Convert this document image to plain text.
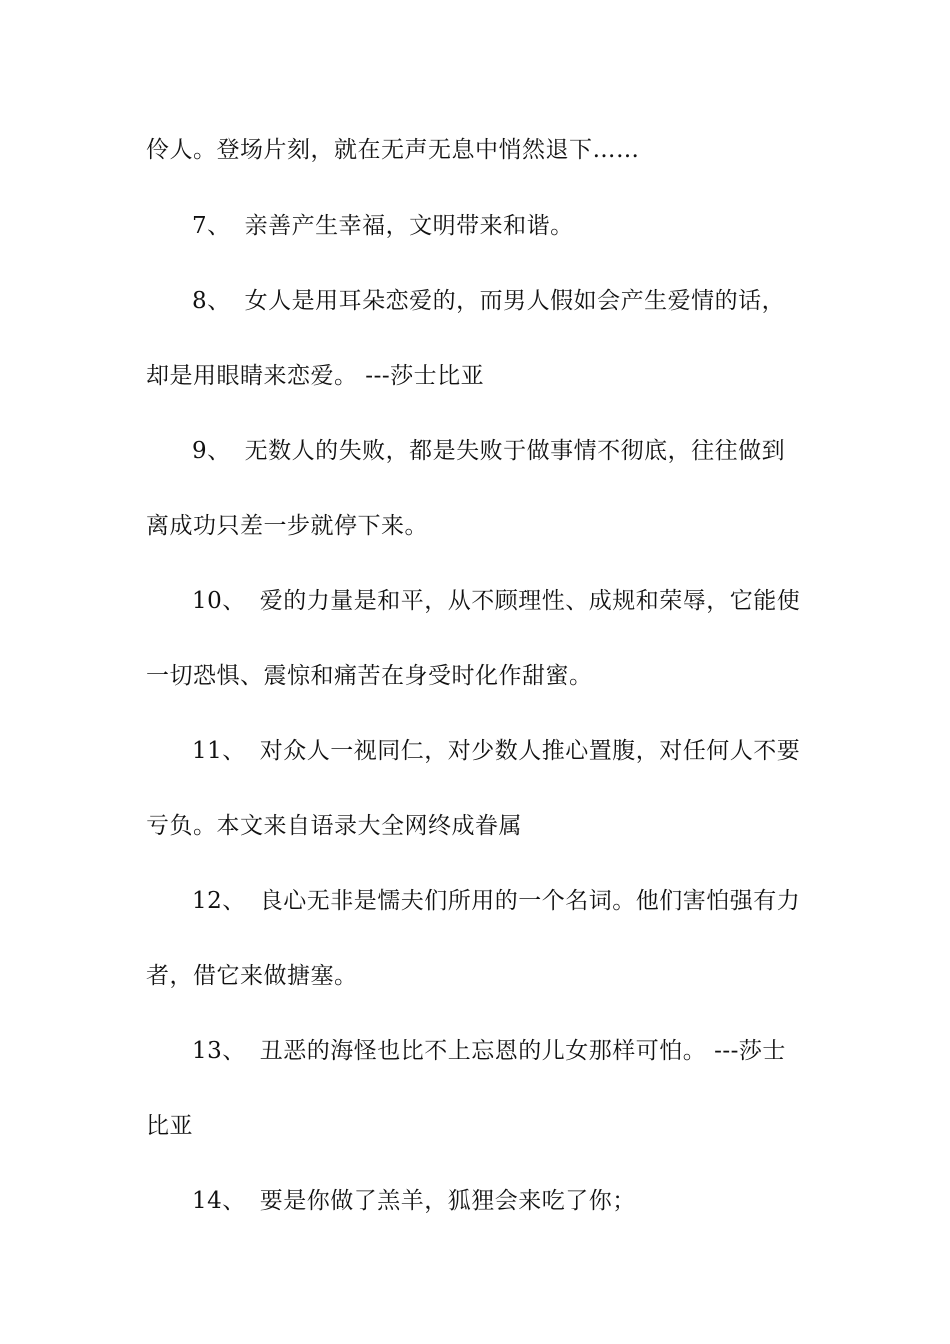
伶人。登场片刻，就在无声无息中悄然退下……
7、 亲善产生幸福，文明带来和谐。
8、 女人是用耳朵恋爱的，而男人假如会产生爱情的话，
却是用眼睛来恋爱。 ---莎士比亚
9、 无数人的失败，都是失败于做事情不彻底，往往做到
离成功只差一步就停下来。
10、 爱的力量是和平，从不顾理性、成规和荣辱，它能使
一切恐惧、震惊和痛苦在身受时化作甜蜜。
11、 对众人一视同仁，对少数人推心置腹，对任何人不要
亏负。本文来自语录大全网终成眷属
12、 良心无非是懦夫们所用的一个名词。他们害怕强有力
者，借它来做搪塞。
13、 丑恶的海怪也比不上忘恩的儿女那样可怕。 ---莎士
比亚
14、 要是你做了羔羊，狐狸会来吃了你；
